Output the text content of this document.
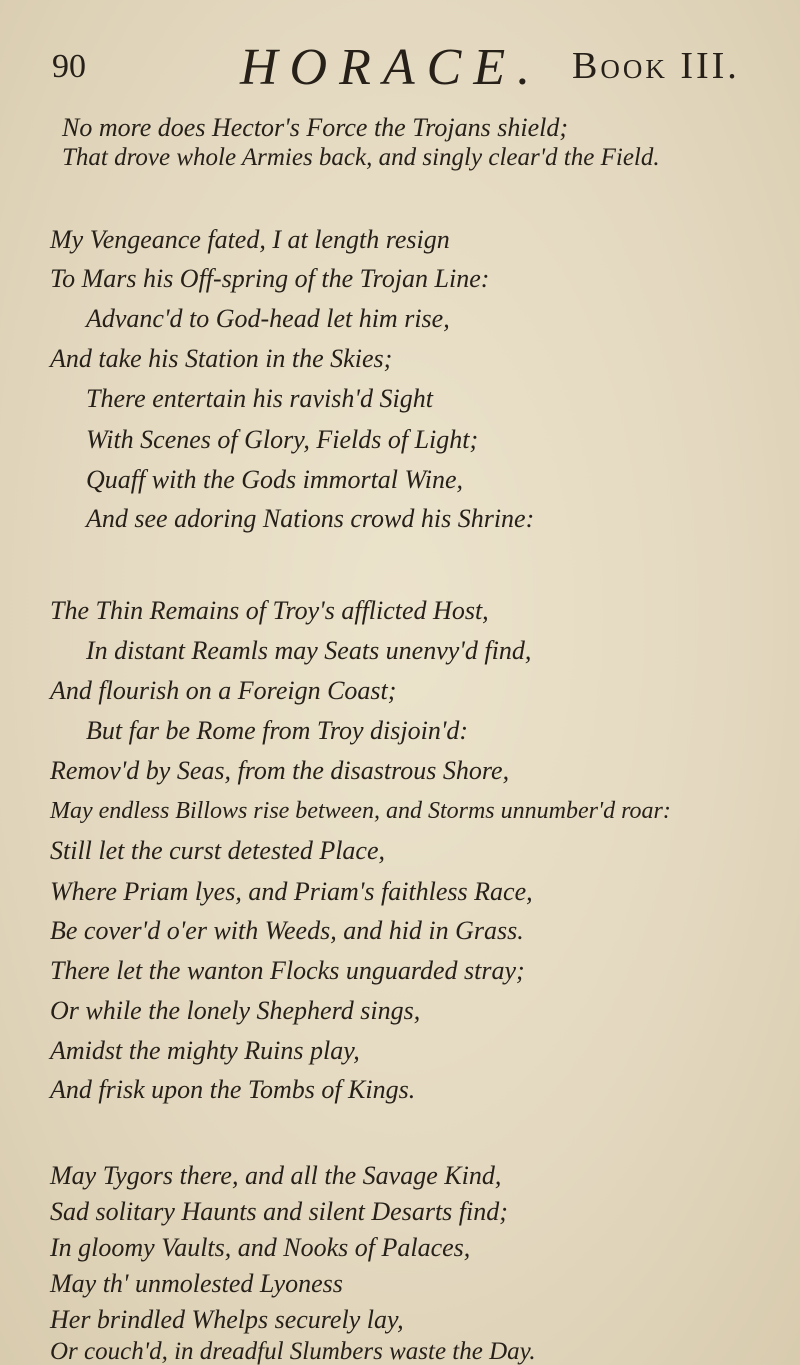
90	HORACE. Book III.
No more does Hector's Force the Trojans shield;
That drove whole Armies back, and singly clear'd the Field.
My Vengeance fated, I at length resign
To Mars his Off-spring of the Trojan Line:
Advanc'd to God-head let him rise,
And take his Station in the Skies;
There entertain his ravish'd Sight
With Scenes of Glory, Fields of Light;
Quaff with the Gods immortal Wine,
And see adoring Nations crowd his Shrine:
The Thin Remains of Troy's afflicted Host,
In distant Reamls may Seats unenvy'd find,
And flourish on a Foreign Coast;
But far be Rome from Troy disjoin'd:
Remov'd by Seas, from the disastrous Shore,
May endless Billows rise between, and Storms unnumber'd roar:
Still let the curst detested Place,
Where Priam lyes, and Priam's faithless Race,
Be cover'd o'er with Weeds, and hid in Grass.
There let the wanton Flocks unguarded stray;
Or while the lonely Shepherd sings,
Amidst the mighty Ruins play,
And frisk upon the Tombs of Kings.
May Tygors there, and all the Savage Kind,
Sad solitary Haunts and silent Desarts find;
In gloomy Vaults, and Nooks of Palaces,
May th' unmolested Lyoness
Her brindled Whelps securely lay,
Or couch'd, in dreadful Slumbers waste the Day.
